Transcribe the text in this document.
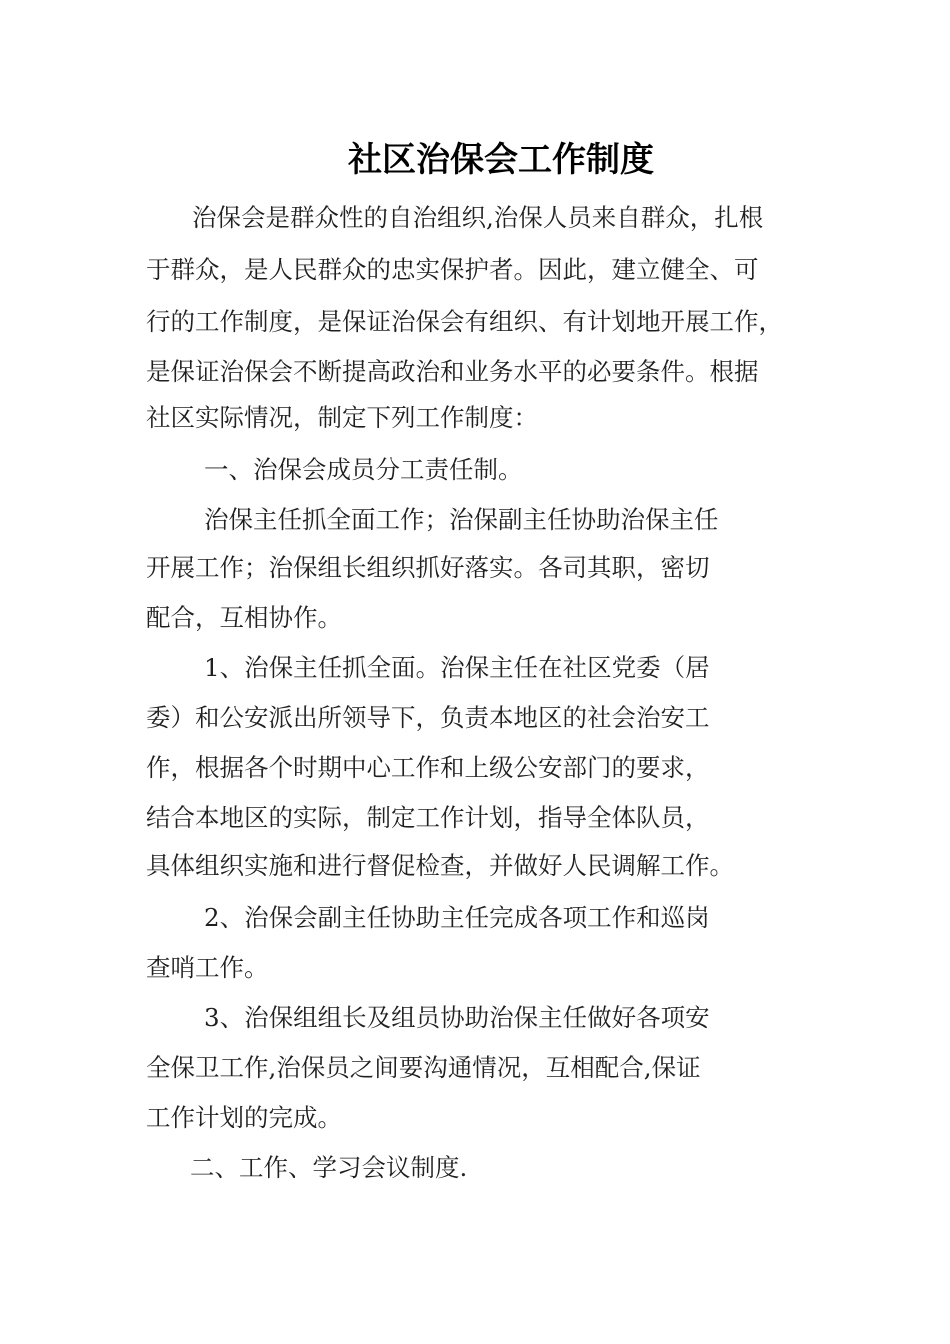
社区治保会工作制度
治保会是群众性的自治组织,治保人员来自群众，扎根
于群众，是人民群众的忠实保护者。因此，建立健全、可
行的工作制度，是保证治保会有组织、有计划地开展工作，
是保证治保会不断提高政治和业务水平的必要条件。根据
社区实际情况，制定下列工作制度：
一、治保会成员分工责任制。
治保主任抓全面工作；治保副主任协助治保主任
开展工作；治保组长组织抓好落实。各司其职，密切
配合，互相协作。
1、治保主任抓全面。治保主任在社区党委（居
委）和公安派出所领导下，负责本地区的社会治安工
作，根据各个时期中心工作和上级公安部门的要求，
结合本地区的实际，制定工作计划，指导全体队员，
具体组织实施和进行督促检查，并做好人民调解工作。
2、治保会副主任协助主任完成各项工作和巡岗
查哨工作。
3、治保组组长及组员协助治保主任做好各项安
全保卫工作,治保员之间要沟通情况，互相配合,保证
工作计划的完成。
二、工作、学习会议制度.
